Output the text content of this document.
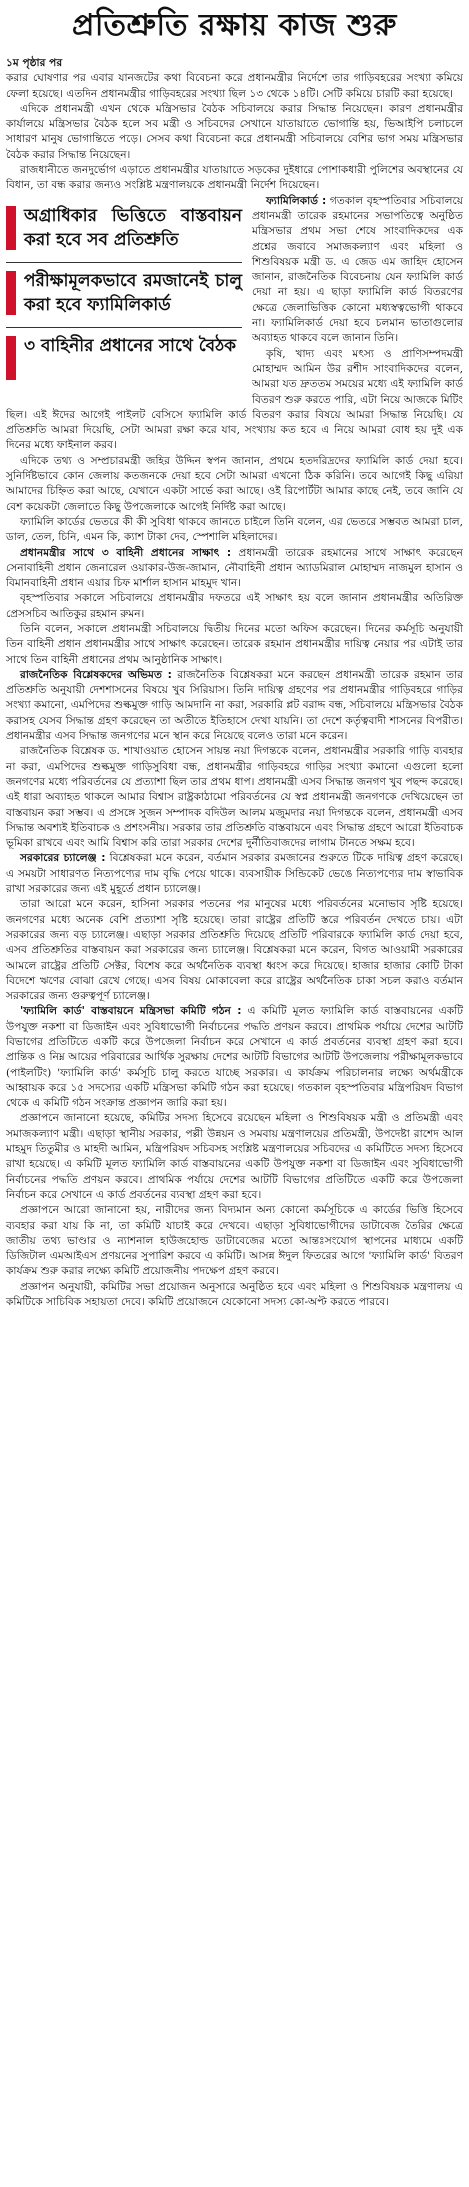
প্রতিশ্রুতি রক্ষায় কাজ শুরু
১ম পৃষ্ঠার পর

করার ঘোষণার পর এবার যানজটের কথা বিবেচনা করে প্রধানমন্ত্রীর নির্দেশে তার গাড়িবহরের সংখ্যা কমিয়ে ফেলা হয়েছে। এতদিন প্রধানমন্ত্রীর গাড়িবহরের সংখ্যা ছিল ১৩ থেকে ১৪টি। সেটি কমিয়ে চারটি করা হয়েছে।

এদিকে প্রধানমন্ত্রী এখন থেকে মন্ত্রিসভার বৈঠক সচিবালয়ে করার সিদ্ধান্ত নিয়েছেন। কারণ প্রধানমন্ত্রীর কার্যালয়ে মন্ত্রিসভার বৈঠক হলে সব মন্ত্রী ও সচিবদের সেখানে যাতায়াতে ভোগান্তি হয়, ভিআইপি চলাচলে সাধারণ মানুষ ভোগান্তিতে পড়ে। সেসব কথা বিবেচনা করে প্রধানমন্ত্রী সচিবালয়ে বেশির ভাগ সময় মন্ত্রিসভার বৈঠক করার সিদ্ধান্ত নিয়েছেন।

রাজধানীতে জনদুর্ভোগ এড়াতে প্রধানমন্ত্রীর যাতায়াতে সড়কের দুইধারে পোশাকধারী পুলিশের অবস্থানের যে বিধান, তা বন্ধ করার জন্যও সংশ্লিষ্ট মন্ত্রণালয়কে প্রধানমন্ত্রী নির্দেশ দিয়েছেন।

অগ্রাধিকার ভিত্তিতে বাস্তবায়ন করা হবে সব প্রতিশ্রুতি
পরীক্ষামূলকভাবে রমজানেই চালু করা হবে ফ্যামিলিকার্ড
৩ বাহিনীর প্রধানের সাথে বৈঠক

ফ্যামিলিকার্ড : গতকাল বৃহস্পতিবার সচিবালয়ে প্রধানমন্ত্রী তারেক রহমানের সভাপতিত্বে অনুষ্ঠিত মন্ত্রিসভার প্রথম সভা শেষে সাংবাদিকদের এক প্রশ্নের জবাবে সমাজকল্যাণ এবং মহিলা ও শিশুবিষয়ক মন্ত্রী ড. এ জেড এম জাহিদ হোসেন জানান, রাজনৈতিক বিবেচনায় যেন ফ্যামিলি কার্ড দেয়া না হয়। এ ছাড়া ফ্যামিলি কার্ড বিতরণের ক্ষেত্রে জেলাভিত্তিক কোনো মধ্যস্বত্বভোগী থাকবে না। ফ্যামিলিকার্ড দেয়া হবে চলমান ভাতাগুলোর অব্যাহত থাকবে বলে জানান তিনি।

কৃষি, খাদ্য এবং মৎস্য ও প্রাণিসম্পদমন্ত্রী মোহাম্মদ আমিন উর রশীদ সাংবাদিকদের বলেন, আমরা যত দ্রুততম সময়ের মধ্যে এই ফ্যামিলি কার্ড বিতরণ শুরু করতে পারি, এটা নিয়ে আজকে মিটিং ছিল। এই ঈদের আগেই পাইলট বেসিসে ফ্যামিলি কার্ড বিতরণ করার বিষয়ে আমরা সিদ্ধান্ত নিয়েছি। যে প্রতিশ্রুতি আমরা দিয়েছি, সেটা আমরা রক্ষা করে যাব, সংখ্যায় কত হবে এ নিয়ে আমরা বোধ হয় দুই এক দিনের মধ্যে ফাইনাল করব।

এদিকে তথ্য ও সম্প্রচারমন্ত্রী জহির উদ্দিন স্বপন জানান, প্রথমে হতদরিদ্রদের ফ্যামিলি কার্ড দেয়া হবে। সুনির্দিষ্টভাবে কোন জেলায় কতজনকে দেয়া হবে সেটা আমরা এখনো ঠিক করিনি। তবে আগেই কিছু এরিয়া আমাদের চিহ্নিত করা আছে, যেখানে একটা সার্ভে করা আছে। ওই রিপোর্টটা আমার কাছে নেই, তবে জানি যে বেশ কয়েকটা জেলাতে কিছু উপজেলাকে আগেই নির্দিষ্ট করা আছে।

ফ্যামিলি কার্ডের ভেতরে কী কী সুবিধা থাকবে জানতে চাইলে তিনি বলেন, এর ভেতরে সম্ভবত আমরা চাল, ডাল, তেল, চিনি, এমন কি, ক্যাশ টাকা দেব, স্পেশালি মহিলাদের।

প্রধানমন্ত্রীর সাথে ৩ বাহিনী প্রধানের সাক্ষাৎ : প্রধানমন্ত্রী তারেক রহমানের সাথে সাক্ষাৎ করেছেন সেনাবাহিনী প্রধান জেনারেল ওয়াকার-উজ-জামান, নৌবাহিনী প্রধান অ্যাডমিরাল মোহাম্মদ নাজমুল হাসান ও বিমানবাহিনী প্রধান এয়ার চিফ মার্শাল হাসান মাহমুদ খান।

বৃহস্পতিবার সকালে সচিবালয়ে প্রধানমন্ত্রীর দফতরে এই সাক্ষাৎ হয় বলে জানান প্রধানমন্ত্রীর অতিরিক্ত প্রেসসচিব আতিকুর রহমান রুমন।

তিনি বলেন, সকালে প্রধানমন্ত্রী সচিবালয়ে দ্বিতীয় দিনের মতো অফিস করেছেন। দিনের কর্মসূচি অনুযায়ী তিন বাহিনী প্রধান প্রধানমন্ত্রীর সাথে সাক্ষাৎ করেছেন। তারেক রহমান প্রধানমন্ত্রীর দায়িত্ব নেয়ার পর এটাই তার সাথে তিন বাহিনী প্রধানের প্রথম আনুষ্ঠানিক সাক্ষাৎ।

রাজনৈতিক বিশ্লেষকদের অভিমত : রাজনৈতিক বিশ্লেষকরা মনে করছেন প্রধানমন্ত্রী তারেক রহমান তার প্রতিশ্রুতি অনুযায়ী দেশশাসনের বিষয়ে খুব সিরিয়াস। তিনি দায়িত্ব গ্রহণের পর প্রধানমন্ত্রীর গাড়িবহরে গাড়ির সংখ্যা কমানো, এমপিদের শুল্কমুক্ত গাড়ি আমদানি না করা, সরকারি প্লট বরাদ্দ বন্ধ, সচিবালয়ে মন্ত্রিসভার বৈঠক করাসহ যেসব সিদ্ধান্ত গ্রহণ করেছেন তা অতীতে ইতিহাসে দেখা যায়নি। তা দেশে কর্তৃত্ববাদী শাসনের বিপরীত। প্রধানমন্ত্রীর এসব সিদ্ধান্ত জনগণের মনে স্থান করে নিয়েছে বলেও তারা মনে করেন।

রাজনৈতিক বিশ্লেষক ড. শাখাওয়াত হোসেন সায়ন্ত নয়া দিগন্তকে বলেন, প্রধানমন্ত্রীর সরকারি গাড়ি ব্যবহার না করা, এমপিদের শুল্কমুক্ত গাড়িসুবিধা বন্ধ, প্রধানমন্ত্রীর গাড়িবহরে গাড়ির সংখ্যা কমানো এগুলো হলো জনগণের মধ্যে পরিবর্তনের যে প্রত্যাশা ছিল তার প্রথম ধাপ। প্রধানমন্ত্রী এসব সিদ্ধান্ত জনগণ খুব পছন্দ করেছে। এই ধারা অব্যাহত থাকলে আমার বিশ্বাস রাষ্ট্রকাঠামো পরিবর্তনের যে স্বপ্ন প্রধানমন্ত্রী জনগণকে দেখিয়েছেন তা বাস্তবায়ন করা সম্ভব। এ প্রসঙ্গে সুজন সম্পাদক বদিউল আলম মজুমদার নয়া দিগন্তকে বলেন, প্রধানমন্ত্রী এসব সিদ্ধান্ত অবশ্যই ইতিবাচক ও প্রশংসনীয়। সরকার তার প্রতিশ্রুতি বাস্তবায়নে এবং সিদ্ধান্ত গ্রহণে আরো ইতিবাচক ভূমিকা রাখবে এবং আমি বিশ্বাস করি তারা সরকার দেশের দুর্নীতিবাজদের লাগাম টানতে সক্ষম হবে।

সরকারের চ্যালেঞ্জ : বিশ্লেষকরা মনে করেন, বর্তমান সরকার রমজানের শুরুতে টিকে দায়িত্ব গ্রহণ করেছে। এ সময়টা সাধারণত নিত্যপণ্যের দাম বৃদ্ধি পেয়ে থাকে। ব্যবসায়ীক সিন্ডিকেট ভেঙে নিত্যপণ্যের দাম স্বাভাবিক রাখা সরকারের জন্য এই মুহূর্তে প্রধান চ্যালেঞ্জ।

তারা আরো মনে করেন, হাসিনা সরকার পতনের পর মানুষের মধ্যে পরিবর্তনের মনোভাব সৃষ্টি হয়েছে। জনগণের মধ্যে অনেক বেশি প্রত্যাশা সৃষ্টি হয়েছে। তারা রাষ্ট্রের প্রতিটি স্তরে পরিবর্তন দেখতে চায়। এটা সরকারের জন্য বড় চ্যালেঞ্জ। এছাড়া সরকার প্রতিশ্রুতি দিয়েছে প্রতিটি পরিবারকে ফ্যামিলি কার্ড দেয়া হবে, এসব প্রতিশ্রুতির বাস্তবায়ন করা সরকারের জন্য চ্যালেঞ্জ। বিশ্লেষকরা মনে করেন, বিগত আওয়ামী সরকারের আমলে রাষ্ট্রের প্রতিটি সেক্টর, বিশেষ করে অর্থনৈতিক ব্যবস্থা ধ্বংস করে দিয়েছে। হাজার হাজার কোটি টাকা বিদেশে ঋণের বোঝা রেখে গেছে। এসব বিষয় মোকাবেলা করে রাষ্ট্রের অর্থনৈতিক চাকা সচল করাও বর্তমান সরকারের জন্য গুরুত্বপূর্ণ চ্যালেঞ্জ।

'ফ্যামিলি কার্ড' বাস্তবায়নে মন্ত্রিসভা কমিটি গঠন : এ কমিটি মূলত ফ্যামিলি কার্ড বাস্তবায়নের একটি উপযুক্ত নকশা বা ডিজাইন এবং সুবিধাভোগী নির্বাচনের পদ্ধতি প্রণয়ন করবে। প্রাথমিক পর্যায়ে দেশের আটটি বিভাগের প্রতিটিতে একটি করে উপজেলা নির্বাচন করে সেখানে এ কার্ড প্রবর্তনের ব্যবস্থা গ্রহণ করা হবে। প্রান্তিক ও নিম্ন আয়ের পরিবারের আর্থিক সুরক্ষায় দেশের আটটি বিভাগের আটটি উপজেলায় পরীক্ষামূলকভাবে (পাইলটিং) 'ফ্যামিলি কার্ড' কর্মসূচি চালু করতে যাচ্ছে সরকার। এ কার্যক্রম পরিচালনার লক্ষ্যে অর্থমন্ত্রীকে আহ্বায়ক করে ১৫ সদস্যের একটি মন্ত্রিসভা কমিটি গঠন করা হয়েছে। গতকাল বৃহস্পতিবার মন্ত্রিপরিষদ বিভাগ থেকে এ কমিটি গঠন সংক্রান্ত প্রজ্ঞাপন জারি করা হয়।

প্রজ্ঞাপনে জানানো হয়েছে, কমিটির সদস্য হিসেবে রয়েছেন মহিলা ও শিশুবিষয়ক মন্ত্রী ও প্রতিমন্ত্রী এবং সমাজকল্যাণ মন্ত্রী। এছাড়া স্থানীয় সরকার, পল্লী উন্নয়ন ও সমবায় মন্ত্রণালয়ের প্রতিমন্ত্রী, উপদেষ্টা রাশেদ আল মাহমুদ তিতুমীর ও মাহদী আমিন, মন্ত্রিপরিষদ সচিবসহ সংশ্লিষ্ট মন্ত্রণালয়ের সচিবদের এ কমিটিতে সদস্য হিসেবে রাখা হয়েছে। এ কমিটি মূলত ফ্যামিলি কার্ড বাস্তবায়নের একটি উপযুক্ত নকশা বা ডিজাইন এবং সুবিধাভোগী নির্বাচনের পদ্ধতি প্রণয়ন করবে। প্রাথমিক পর্যায়ে দেশের আটটি বিভাগের প্রতিটিতে একটি করে উপজেলা নির্বাচন করে সেখানে এ কার্ড প্রবর্তনের ব্যবস্থা গ্রহণ করা হবে।

প্রজ্ঞাপনে আরো জানানো হয়, নারীদের জন্য বিদ্যমান অন্য কোনো কর্মসূচিকে এ কার্ডের ভিত্তি হিসেবে ব্যবহার করা যায় কি না, তা কমিটি যাচাই করে দেখবে। এছাড়া সুবিধাভোগীদের ডাটাবেজ তৈরির ক্ষেত্রে জাতীয় তথ্য ভাণ্ডার ও ন্যাশনাল হাউজহোল্ড ডাটাবেজের মতো আন্তঃসংযোগ স্থাপনের মাধ্যমে একটি ডিজিটাল এমআইএস প্রণয়নের সুপারিশ করবে এ কমিটি। আসন্ন ঈদুল ফিতরের আগে 'ফ্যামিলি কার্ড' বিতরণ কার্যক্রম শুরু করার লক্ষ্যে কমিটি প্রয়োজনীয় পদক্ষেপ গ্রহণ করবে।

প্রজ্ঞাপন অনুযায়ী, কমিটির সভা প্রয়োজন অনুসারে অনুষ্ঠিত হবে এবং মহিলা ও শিশুবিষয়ক মন্ত্রণালয় এ কমিটিকে সাচিবিক সহায়তা দেবে। কমিটি প্রয়োজনে যেকোনো সদস্য কো-অপ্ট করতে পারবে।
